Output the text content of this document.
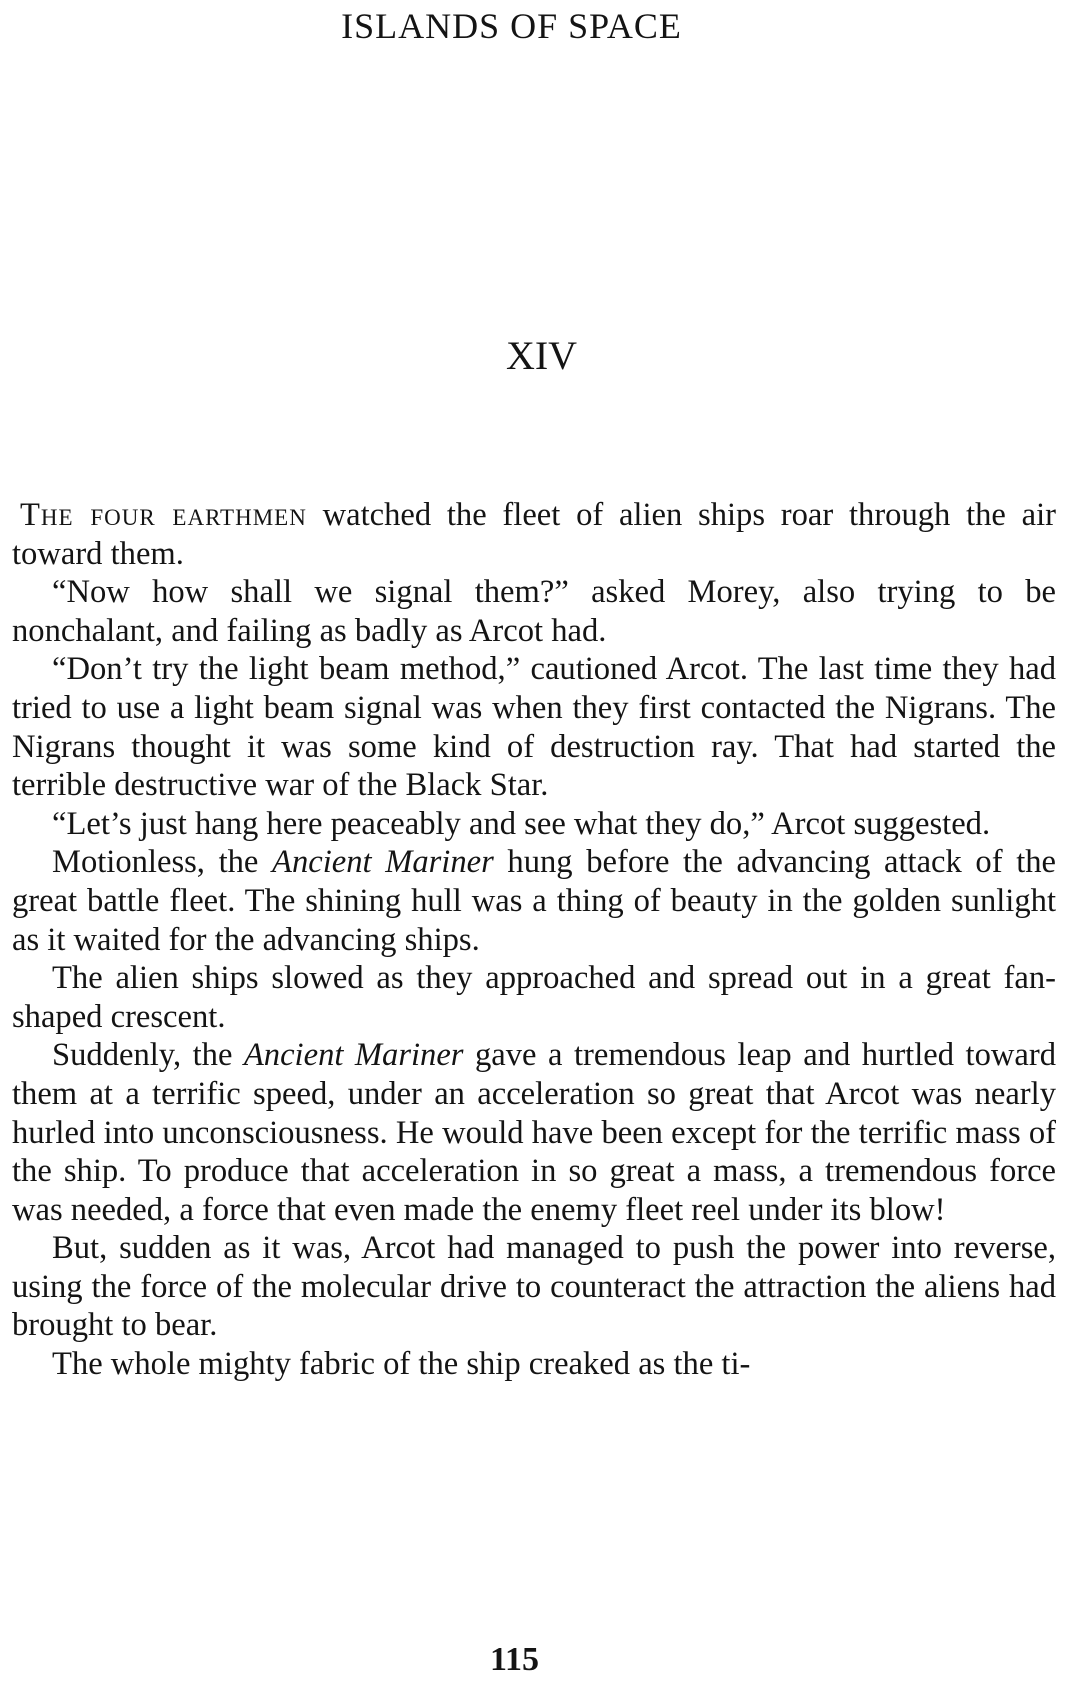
ISLANDS OF SPACE
XIV

The four earthmen watched the fleet of alien ships roar through the air toward them.

“Now how shall we signal them?” asked Morey, also trying to be nonchalant, and failing as badly as Arcot had.

“Don’t try the light beam method,” cautioned Arcot. The last time they had tried to use a light beam signal was when they first contacted the Nigrans. The Nigrans thought it was some kind of destruction ray. That had started the terrible destructive war of the Black Star.

“Let’s just hang here peaceably and see what they do,” Arcot suggested.

Motionless, the Ancient Mariner hung before the advancing attack of the great battle fleet. The shining hull was a thing of beauty in the golden sunlight as it waited for the advancing ships.

The alien ships slowed as they approached and spread out in a great fan-shaped crescent.

Suddenly, the Ancient Mariner gave a tremendous leap and hurtled toward them at a terrific speed, under an acceleration so great that Arcot was nearly hurled into unconsciousness. He would have been except for the terrific mass of the ship. To produce that acceleration in so great a mass, a tremendous force was needed, a force that even made the enemy fleet reel under its blow!

But, sudden as it was, Arcot had managed to push the power into reverse, using the force of the molecular drive to counteract the attraction the aliens had brought to bear.

The whole mighty fabric of the ship creaked as the ti-

115
